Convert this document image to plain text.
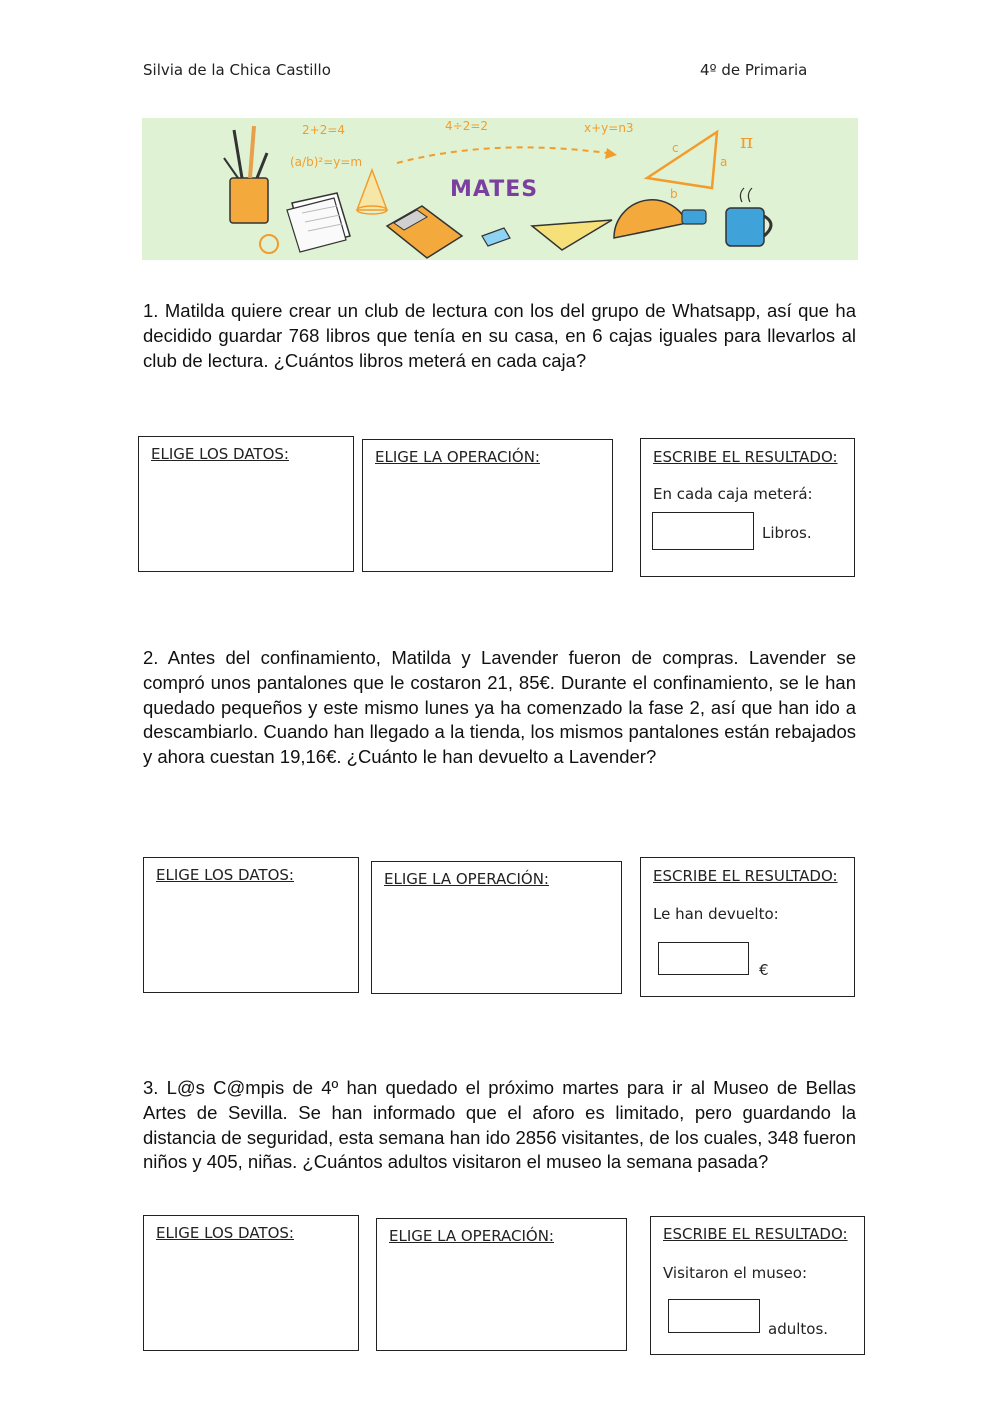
Silvia de la Chica Castillo	4º de Primaria
2+2=4	4÷2=2	x+y=n3
π
(a/b)²=y=m
b
a
c
MATES
1. Matilda quiere crear un club de lectura con los del grupo de Whatsapp, así que ha decidido guardar 768 libros que tenía en su casa, en 6 cajas iguales para llevarlos al club de lectura. ¿Cuántos libros meterá en cada caja?
ELIGE LOS DATOS:	ELIGE LA OPERACIÓN:	ESCRIBE EL RESULTADO:
En cada caja meterá:
Libros.
2. Antes del confinamiento, Matilda y Lavender fueron de compras. Lavender se compró unos pantalones que le costaron 21, 85€. Durante el confinamiento, se le han quedado pequeños y este mismo lunes ya ha comenzado la fase 2, así que han ido a descambiarlo. Cuando han llegado a la tienda, los mismos pantalones están rebajados y ahora cuestan 19,16€. ¿Cuánto le han devuelto a Lavender?
ELIGE LOS DATOS:	ELIGE LA OPERACIÓN:	ESCRIBE EL RESULTADO:
Le han devuelto:
€
3. L@s C@mpis de 4º han quedado el próximo martes para ir al Museo de Bellas Artes de Sevilla. Se han informado que el aforo es limitado, pero guardando la distancia de seguridad, esta semana han ido 2856 visitantes, de los cuales, 348 fueron niños y 405, niñas. ¿Cuántos adultos visitaron el museo la semana pasada?
ELIGE LOS DATOS:	ELIGE LA OPERACIÓN:	ESCRIBE EL RESULTADO:
Visitaron el museo:
adultos.
